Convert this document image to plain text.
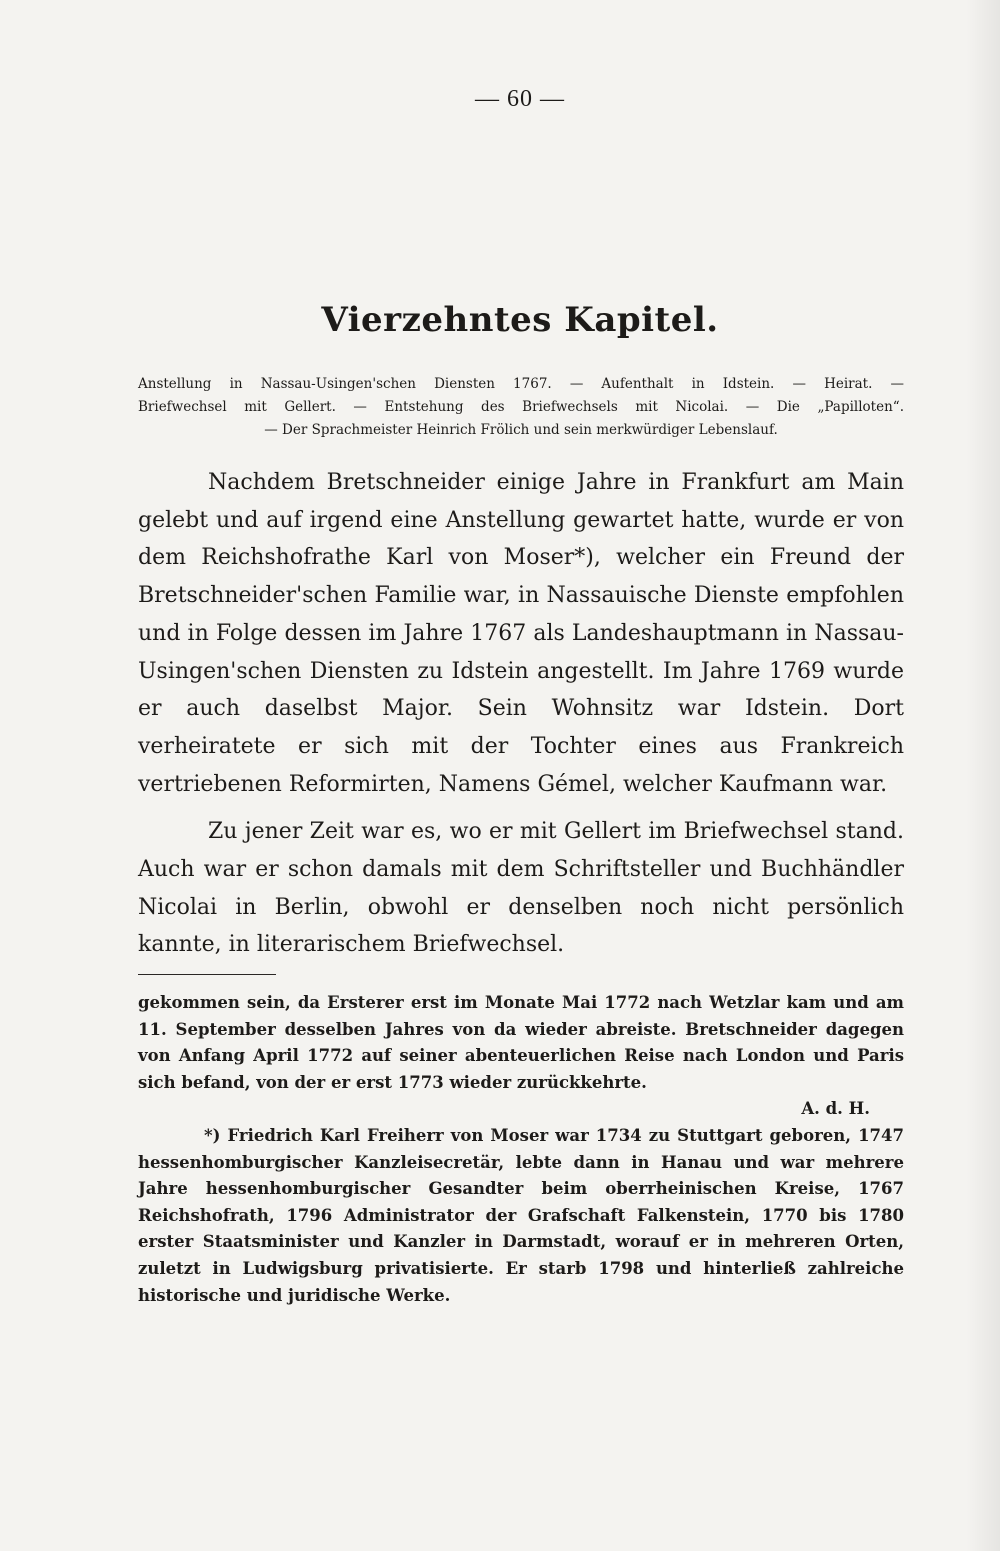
— 60 —
Vierzehntes Kapitel.
Anstellung in Nassau-Usingen'schen Diensten 1767. — Aufenthalt in Idstein. — Heirat. —
Briefwechsel mit Gellert. — Entstehung des Briefwechsels mit Nicolai. — Die „Papilloten“.
— Der Sprachmeister Heinrich Frölich und sein merkwürdiger Lebenslauf.

Nachdem Bretschneider einige Jahre in Frankfurt am Main gelebt und auf irgend eine Anstellung gewartet hatte, wurde er von dem Reichshofrathe Karl von Moser*), welcher ein Freund der Bretschneider'schen Familie war, in Nassauische Dienste empfohlen und in Folge dessen im Jahre 1767 als Landeshauptmann in Nassau-Usingen'schen Diensten zu Idstein angestellt. Im Jahre 1769 wurde er auch daselbst Major. Sein Wohnsitz war Idstein. Dort verheiratete er sich mit der Tochter eines aus Frankreich vertriebenen Reformirten, Namens Gémel, welcher Kaufmann war.

Zu jener Zeit war es, wo er mit Gellert im Briefwechsel stand. Auch war er schon damals mit dem Schriftsteller und Buchhändler Nicolai in Berlin, obwohl er denselben noch nicht persönlich kannte, in literarischem Briefwechsel.

gekommen sein, da Ersterer erst im Monate Mai 1772 nach Wetzlar kam und am 11. September desselben Jahres von da wieder abreiste. Bretschneider dagegen von Anfang April 1772 auf seiner abenteuerlichen Reise nach London und Paris sich befand, von der er erst 1773 wieder zurückkehrte.

A. d. H.

*) Friedrich Karl Freiherr von Moser war 1734 zu Stuttgart geboren, 1747 hessenhomburgischer Kanzleisecretär, lebte dann in Hanau und war mehrere Jahre hessenhomburgischer Gesandter beim oberrheinischen Kreise, 1767 Reichshofrath, 1796 Administrator der Grafschaft Falkenstein, 1770 bis 1780 erster Staatsminister und Kanzler in Darmstadt, worauf er in mehreren Orten, zuletzt in Ludwigsburg privatisierte. Er starb 1798 und hinterließ zahlreiche historische und juridische Werke.
